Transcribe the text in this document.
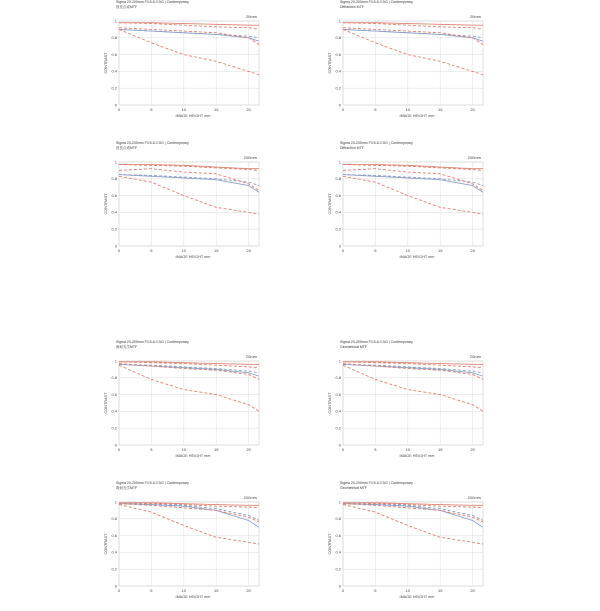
Sigma 20-200mm F3.5-6.3 DG | Contemporary
波長合成MTF
0
0.2
0.4
0.6
0.8
1
0	5	10	15	20
20mm
IMAGE HEIGHT mm
CONTRAST
Sigma 20-200mm F3.5-6.3 DG | Contemporary
Diffraction MTF
0
0.2
0.4
0.6
0.8
1
0	5	10	15	20
20mm
IMAGE HEIGHT mm
CONTRAST
Sigma 20-200mm F3.5-6.3 DG | Contemporary
波長合成MTF
0
0.2
0.4
0.6
0.8
1
0	5	10	15	20
200mm
IMAGE HEIGHT mm
CONTRAST
Sigma 20-200mm F3.5-6.3 DG | Contemporary
Diffraction MTF
0
0.2
0.4
0.6
0.8
1
0	5	10	15	20
200mm
IMAGE HEIGHT mm
CONTRAST
Sigma 20-200mm F3.5-6.3 DG | Contemporary
幾何光学MTF
0
0.2
0.4
0.6
0.8
1
0	5	10	15	20
20mm
IMAGE HEIGHT mm
CONTRAST
Sigma 20-200mm F3.5-6.3 DG | Contemporary
Geometrical MTF
0
0.2
0.4
0.6
0.8
1
0	5	10	15	20
20mm
IMAGE HEIGHT mm
CONTRAST
Sigma 20-200mm F3.5-6.3 DG | Contemporary
幾何光学MTF
0
0.2
0.4
0.6
0.8
1
0	5	10	15	20
200mm
IMAGE HEIGHT mm
CONTRAST
Sigma 20-200mm F3.5-6.3 DG | Contemporary
Geometrical MTF
0
0.2
0.4
0.6
0.8
1
0	5	10	15	20
200mm
IMAGE HEIGHT mm
CONTRAST
